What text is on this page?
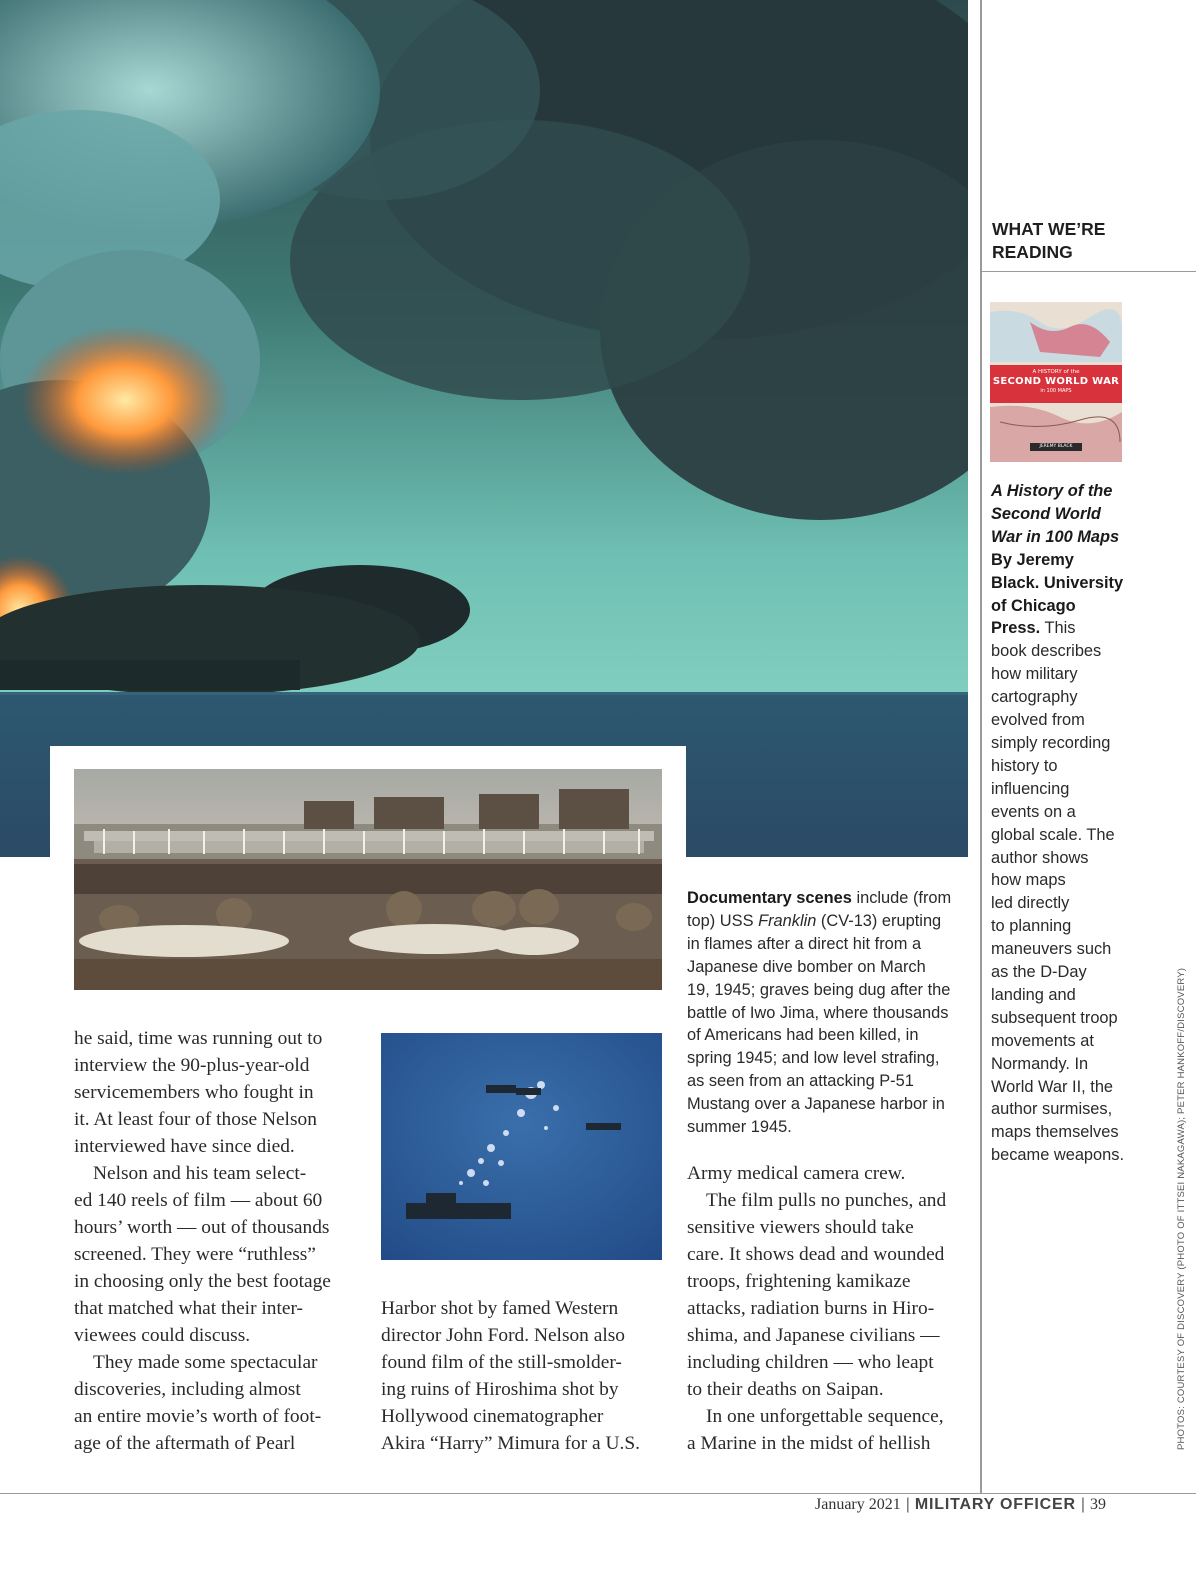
WHAT WE’RE
READING
A HISTORY of the
SECOND WORLD WAR
in 100 MAPS
JEREMY BLACK
A History of the
Second World
War in 100 Maps
By Jeremy
Black. University
of Chicago
Press. This
book describes
how military
cartography
evolved from
simply recording
history to
influencing
events on a
global scale. The
author shows
how maps
led directly
to planning
maneuvers such
as the D-Day
landing and
subsequent troop
movements at
Normandy. In
World War II, the
author surmises,
maps themselves
became weapons.
Documentary scenes include (from
top) USS Franklin (CV-13) erupting
in flames after a direct hit from a
Japanese dive bomber on March
19, 1945; graves being dug after the
battle of Iwo Jima, where thousands
of Americans had been killed, in
spring 1945; and low level strafing,
as seen from an attacking P-51
Mustang over a Japanese harbor in
summer 1945.
he said, time was running out to
interview the 90-plus-year-old
servicemembers who fought in
it. At least four of those Nelson
interviewed have since died.
Nelson and his team select-
ed 140 reels of film — about 60
hours’ worth — out of thousands
screened. They were “ruthless”
in choosing only the best footage
that matched what their inter-
viewees could discuss.
They made some spectacular
discoveries, including almost
an entire movie’s worth of foot-
age of the aftermath of Pearl
Harbor shot by famed Western
director John Ford. Nelson also
found film of the still-smolder-
ing ruins of Hiroshima shot by
Hollywood cinematographer
Akira “Harry” Mimura for a U.S.
Army medical camera crew.
The film pulls no punches, and
sensitive viewers should take
care. It shows dead and wounded
troops, frightening kamikaze
attacks, radiation burns in Hiro-
shima, and Japanese civilians —
including children — who leapt
to their deaths on Saipan.
In one unforgettable sequence,
a Marine in the midst of hellish	PHOTOS: COURTESY OF DISCOVERY (PHOTO OF ITTSEI NAKAGAWA); PETER HANKOFF/DISCOVERY)
January 2021 | MILITARY OFFICER | 39
